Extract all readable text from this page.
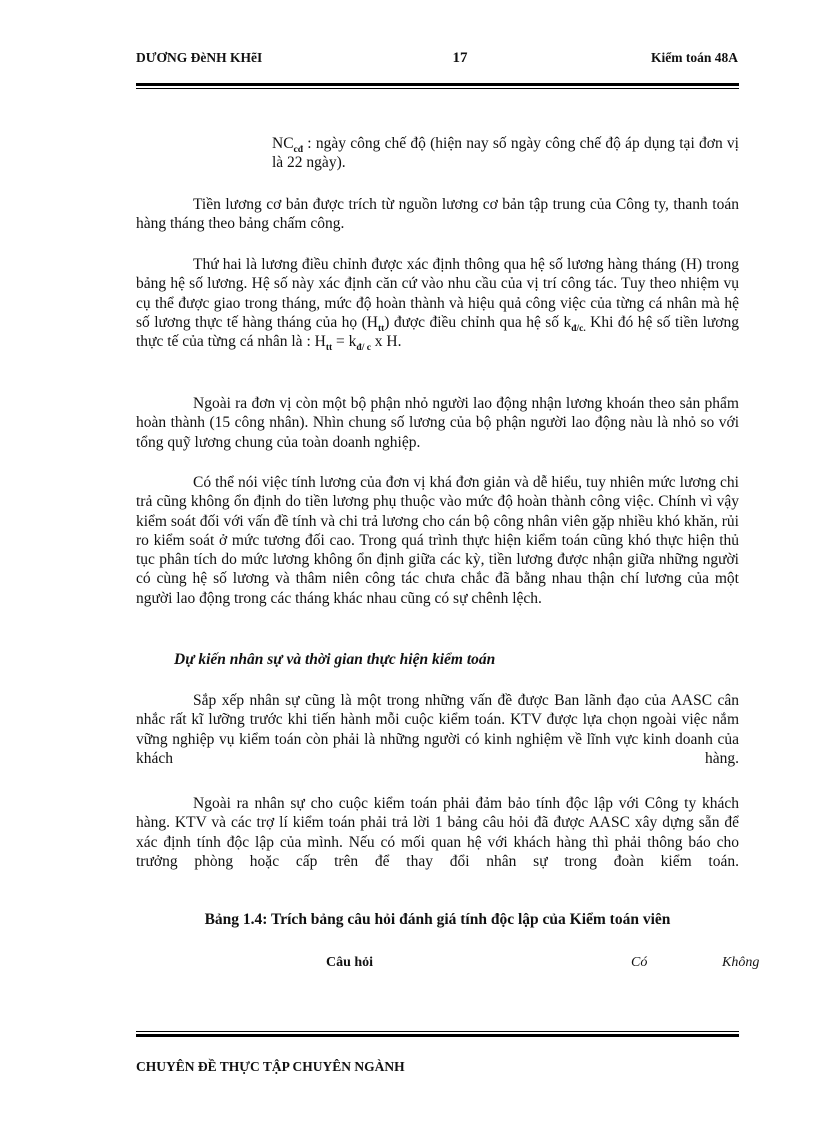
DƯƠNG ĐèNH KHẽI	17	Kiểm toán 48A
$NC_{cđ}$ : ngày công chế độ (hiện nay số ngày công chế độ áp dụng tại đơn vị là 22 ngày).
Tiền lương cơ bản được trích từ nguồn lương cơ bản tập trung của Công ty, thanh toán hàng tháng theo bảng chấm công.
Thứ hai là lương điều chỉnh được xác định thông qua hệ số lương hàng tháng (H) trong bảng hệ số lương. Hệ số này xác định căn cứ vào nhu cầu của vị trí công tác. Tuy theo nhiệm vụ cụ thể được giao trong tháng, mức độ hoàn thành và hiệu quả công việc của từng cá nhân mà hệ số lương thực tế hàng tháng của họ $(H_{tt})$ được điều chỉnh qua hệ số $k_{đ/c.}$ Khi đó hệ số tiền lương thực tế của từng cá nhân là : $H_{tt} = k_{đ/ c}$ x H.
Ngoài ra đơn vị còn một bộ phận nhỏ người lao động nhận lương khoán theo sản phẩm hoàn thành (15 công nhân). Nhìn chung số lương của bộ phận người lao động nàu là nhỏ so với tổng quỹ lương chung của toàn doanh nghiệp.
Có thể nói việc tính lương của đơn vị khá đơn giản và dễ hiểu, tuy nhiên mức lương chi trả cũng không ổn định do tiền lương phụ thuộc vào mức độ hoàn thành công việc. Chính vì vậy kiểm soát đối với vấn đề tính và chi trả lương cho cán bộ công nhân viên gặp nhiều khó khăn, rủi ro kiểm soát ở mức tương đối cao. Trong quá trình thực hiện kiểm toán cũng khó thực hiện thủ tục phân tích do mức lương không ổn định giữa các kỳ, tiền lương được nhận giữa những người có cùng hệ số lương và thâm niên công tác chưa chắc đã bằng nhau thận chí lương của một người lao động trong các tháng khác nhau cũng có sự chênh lệch.
Dự kiến nhân sự và thời gian thực hiện kiểm toán
Sắp xếp nhân sự cũng là một trong những vấn đề được Ban lãnh đạo của AASC cân nhắc rất kĩ lưỡng trước khi tiến hành mỗi cuộc kiểm toán. KTV được lựa chọn ngoài việc nắm vững nghiệp vụ kiểm toán còn phải là những người có kinh nghiệm về lĩnh vực kinh doanh của khách hàng.
Ngoài ra nhân sự cho cuộc kiểm toán phải đảm bảo tính độc lập với Công ty khách hàng. KTV và các trợ lí kiểm toán phải trả lời 1 bảng câu hỏi đã được AASC xây dựng sẵn để xác định tính độc lập của mình. Nếu có mối quan hệ với khách hàng thì phải thông báo cho trưởng phòng hoặc cấp trên để thay đổi nhân sự trong đoàn kiểm toán.
Bảng 1.4: Trích bảng câu hỏi đánh giá tính độc lập của Kiểm toán viên
Câu hỏi	Có	Không
CHUYÊN ĐỀ THỰC TẬP CHUYÊN NGÀNH
